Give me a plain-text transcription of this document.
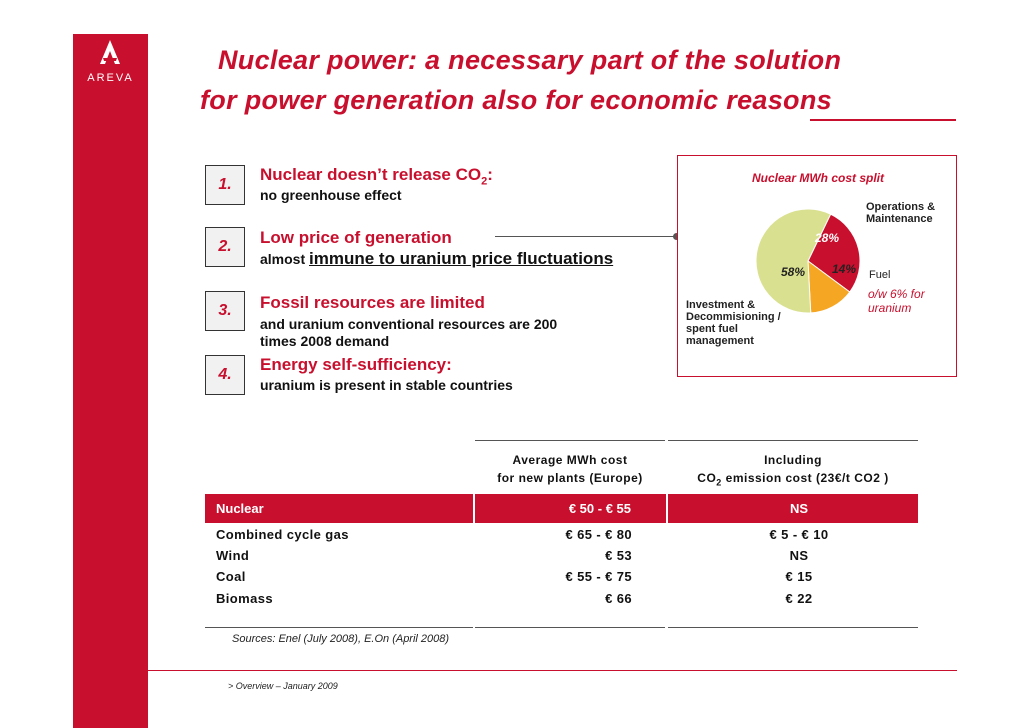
AREVA
3
Nuclear power: a necessary part of the solution
for power generation also for economic reasons
1.
Nuclear doesn’t release $CO_2$:
no greenhouse effect
2.	Low price of generation
almost immune to uranium price fluctuations
3.	Fossil resources are limited
and uranium conventional resources are 200
times 2008 demand
4.
Energy self-sufficiency:
uranium is present in stable countries
Nuclear MWh cost split
Operations &
Maintenance
Fuel
Investment &
Decommisioning /
spent fuel
management
28%
14%
58%
o/w 6% for
uranium
Average MWh cost
for new plants (Europe)
Including
$CO_2$ emission cost (23€/t CO2 )
Nuclear	€ 50 - € 55	NS
Combined cycle gas	€ 65 - € 80	€ 5 - € 10
Wind	€ 53	NS
Coal	€ 55 - € 75	€ 15
Biomass	€ 66	€ 22
Sources: Enel (July 2008), E.On (April 2008)
> Overview – January 2009
